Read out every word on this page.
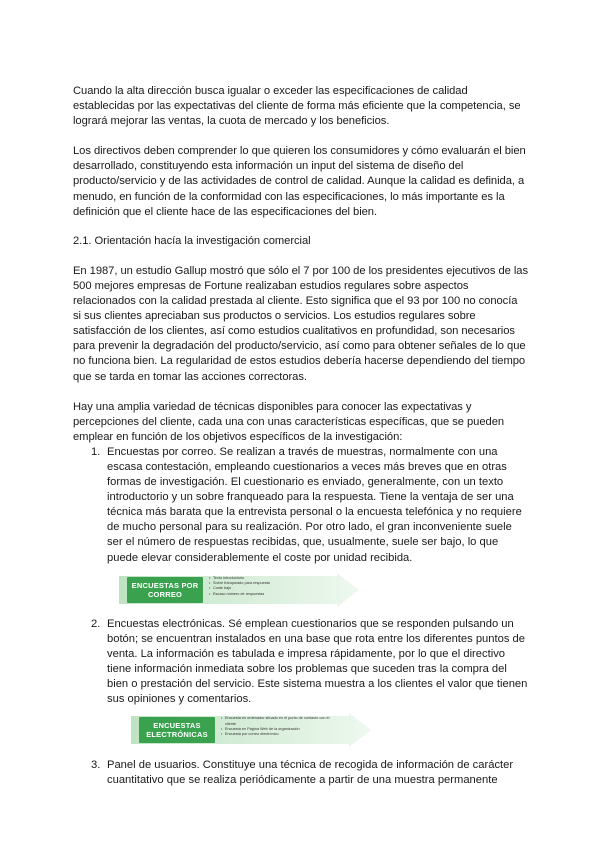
Cuando la alta dirección busca igualar o exceder las especificaciones de calidad establecidas por las expectativas del cliente de forma más eficiente que la competencia, se logrará mejorar las ventas, la cuota de mercado y los beneficios.

Los directivos deben comprender lo que quieren los consumidores y cómo evaluarán el bien desarrollado, constituyendo esta información un input del sistema de diseño del producto/servicio y de las actividades de control de calidad. Aunque la calidad es definida, a menudo, en función de la conformidad con las especificaciones, lo más importante es la definición que el cliente hace de las especificaciones del bien.

2.1. Orientación hacía la investigación comercial

En 1987, un estudio Gallup mostró que sólo el 7 por 100 de los presidentes ejecutivos de las 500 mejores empresas de Fortune realizaban estudios regulares sobre aspectos relacionados con la calidad prestada al cliente. Esto significa que el 93 por 100 no conocía si sus clientes apreciaban sus productos o servicios. Los estudios regulares sobre satisfacción de los clientes, así como estudios cualitativos en profundidad, son necesarios para prevenir la degradación del producto/servicio, así como para obtener señales de lo que no funciona bien. La regularidad de estos estudios debería hacerse dependiendo del tiempo que se tarda en tomar las acciones correctoras.

Hay una amplia variedad de técnicas disponibles para conocer las expectativas y percepciones del cliente, cada una con unas características específicas, que se pueden emplear en función de los objetivos específicos de la investigación:

1. Encuestas por correo. Se realizan a través de muestras, normalmente con una escasa contestación, empleando cuestionarios a veces más breves que en otras formas de investigación. El cuestionario es enviado, generalmente, con un texto introductorio y un sobre franqueado para la respuesta. Tiene la ventaja de ser una técnica más barata que la entrevista personal o la encuesta telefónica y no requiere de mucho personal para su realización. Por otro lado, el gran inconveniente suele ser el número de respuestas recibidas, que, usualmente, suele ser bajo, lo que puede elevar considerablemente el coste por unidad recibida.
ENCUESTAS POR CORREO
• Texto introductorio
• Sobre franqueado para respuesta
• Coste bajo
• Escaso número de respuestas
2. Encuestas electrónicas. Sé emplean cuestionarios que se responden pulsando un botón; se encuentran instalados en una base que rota entre los diferentes puntos de venta. La información es tabulada e impresa rápidamente, por lo que el directivo tiene información inmediata sobre los problemas que suceden tras la compra del bien o prestación del servicio. Este sistema muestra a los clientes el valor que tienen sus opiniones y comentarios.
ENCUESTAS ELECTRÓNICAS
• Encuesta en ordenador situado en el punto de contacto con el cliente
• Encuesta en Página Web de la organización
• Encuesta por correo electrónico
3. Panel de usuarios. Constituye una técnica de recogida de información de carácter cuantitativo que se realiza periódicamente a partir de una muestra permanente
